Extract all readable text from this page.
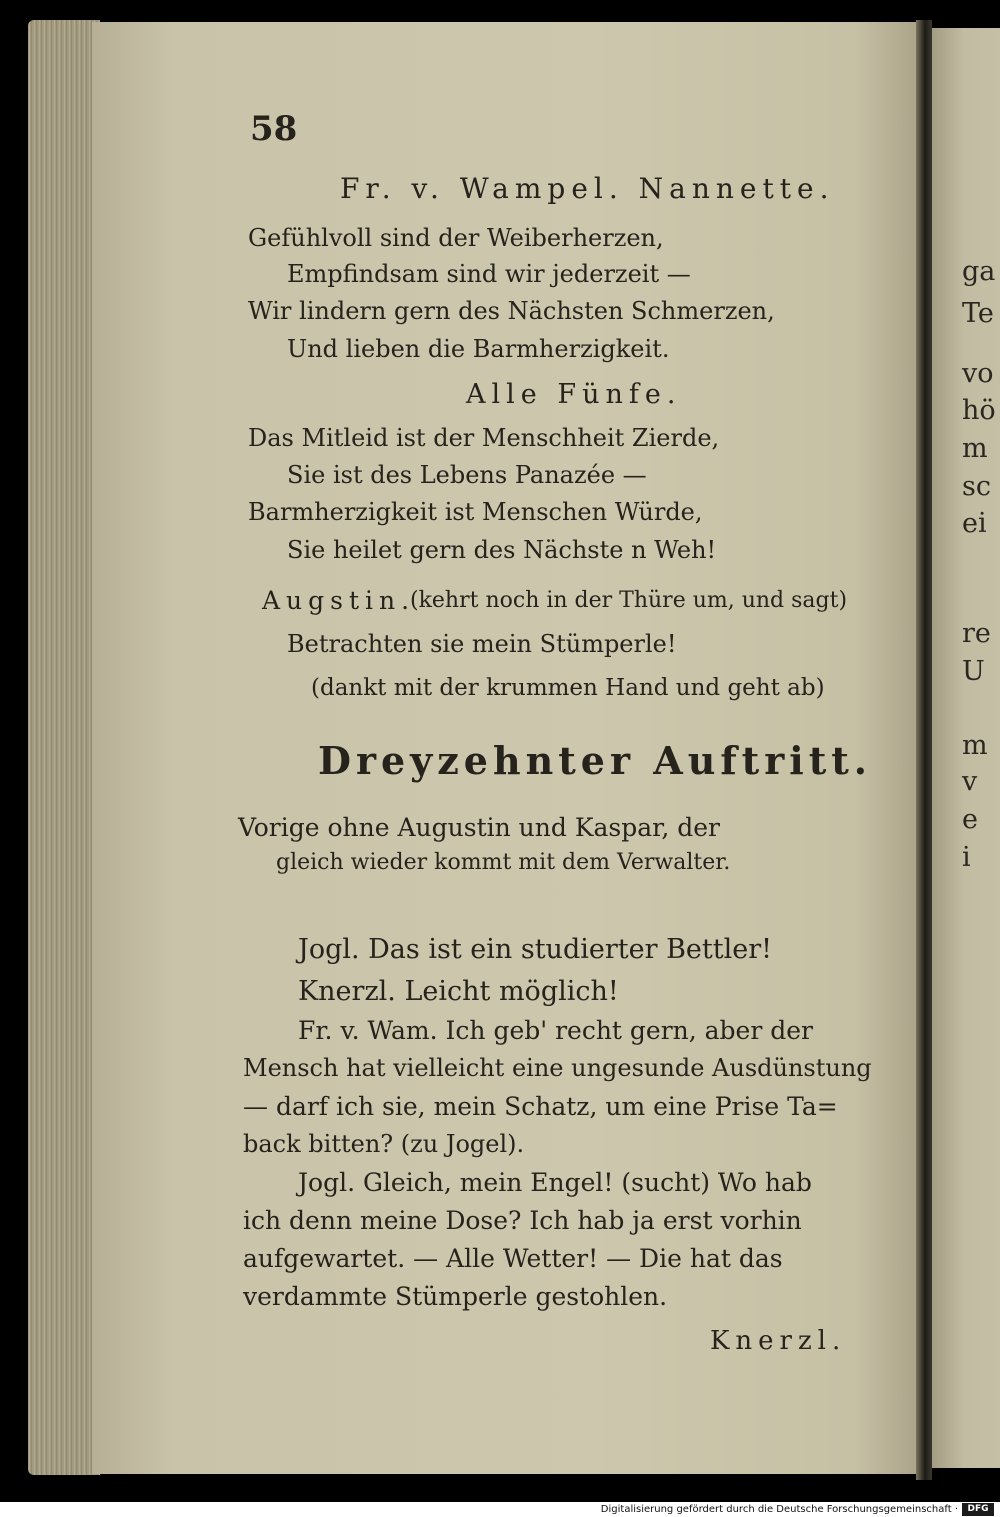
58
Fr. v. Wampel. Nannette.
Gefühlvoll sind der Weiberherzen,
Empfindsam sind wir jederzeit —
Wir lindern gern des Nächsten Schmerzen,
Und lieben die Barmherzigkeit.
Alle Fünfe.
Das Mitleid ist der Menschheit Zierde,
Sie ist des Lebens Panazée —
Barmherzigkeit ist Menschen Würde,
Sie heilet gern des Nächste n Weh!
Augstin.
(kehrt noch in der Thüre um, und sagt)
Betrachten sie mein Stümperle!
(dankt mit der krummen Hand und geht ab)
Dreyzehnter Auftritt.
Vorige ohne Augustin und Kaspar, der
gleich wieder kommt mit dem Verwalter.
Jogl. Das ist ein studierter Bettler!
Knerzl. Leicht möglich!
Fr. v. Wam. Ich geb' recht gern, aber der
Mensch hat vielleicht eine ungesunde Ausdünstung
— darf ich sie, mein Schatz, um eine Prise Ta=
back bitten? (zu Jogel).
Jogl. Gleich, mein Engel! (sucht) Wo hab
ich denn meine Dose? Ich hab ja erst vorhin
aufgewartet. — Alle Wetter! — Die hat das
verdammte Stümperle gestohlen.
Knerzl.
ga
Te
vo
hö
m
sc
ei
re
U
m
v
e
i
Digitalisierung gefördert durch die Deutsche Forschungsgemeinschaft ·	DFG
